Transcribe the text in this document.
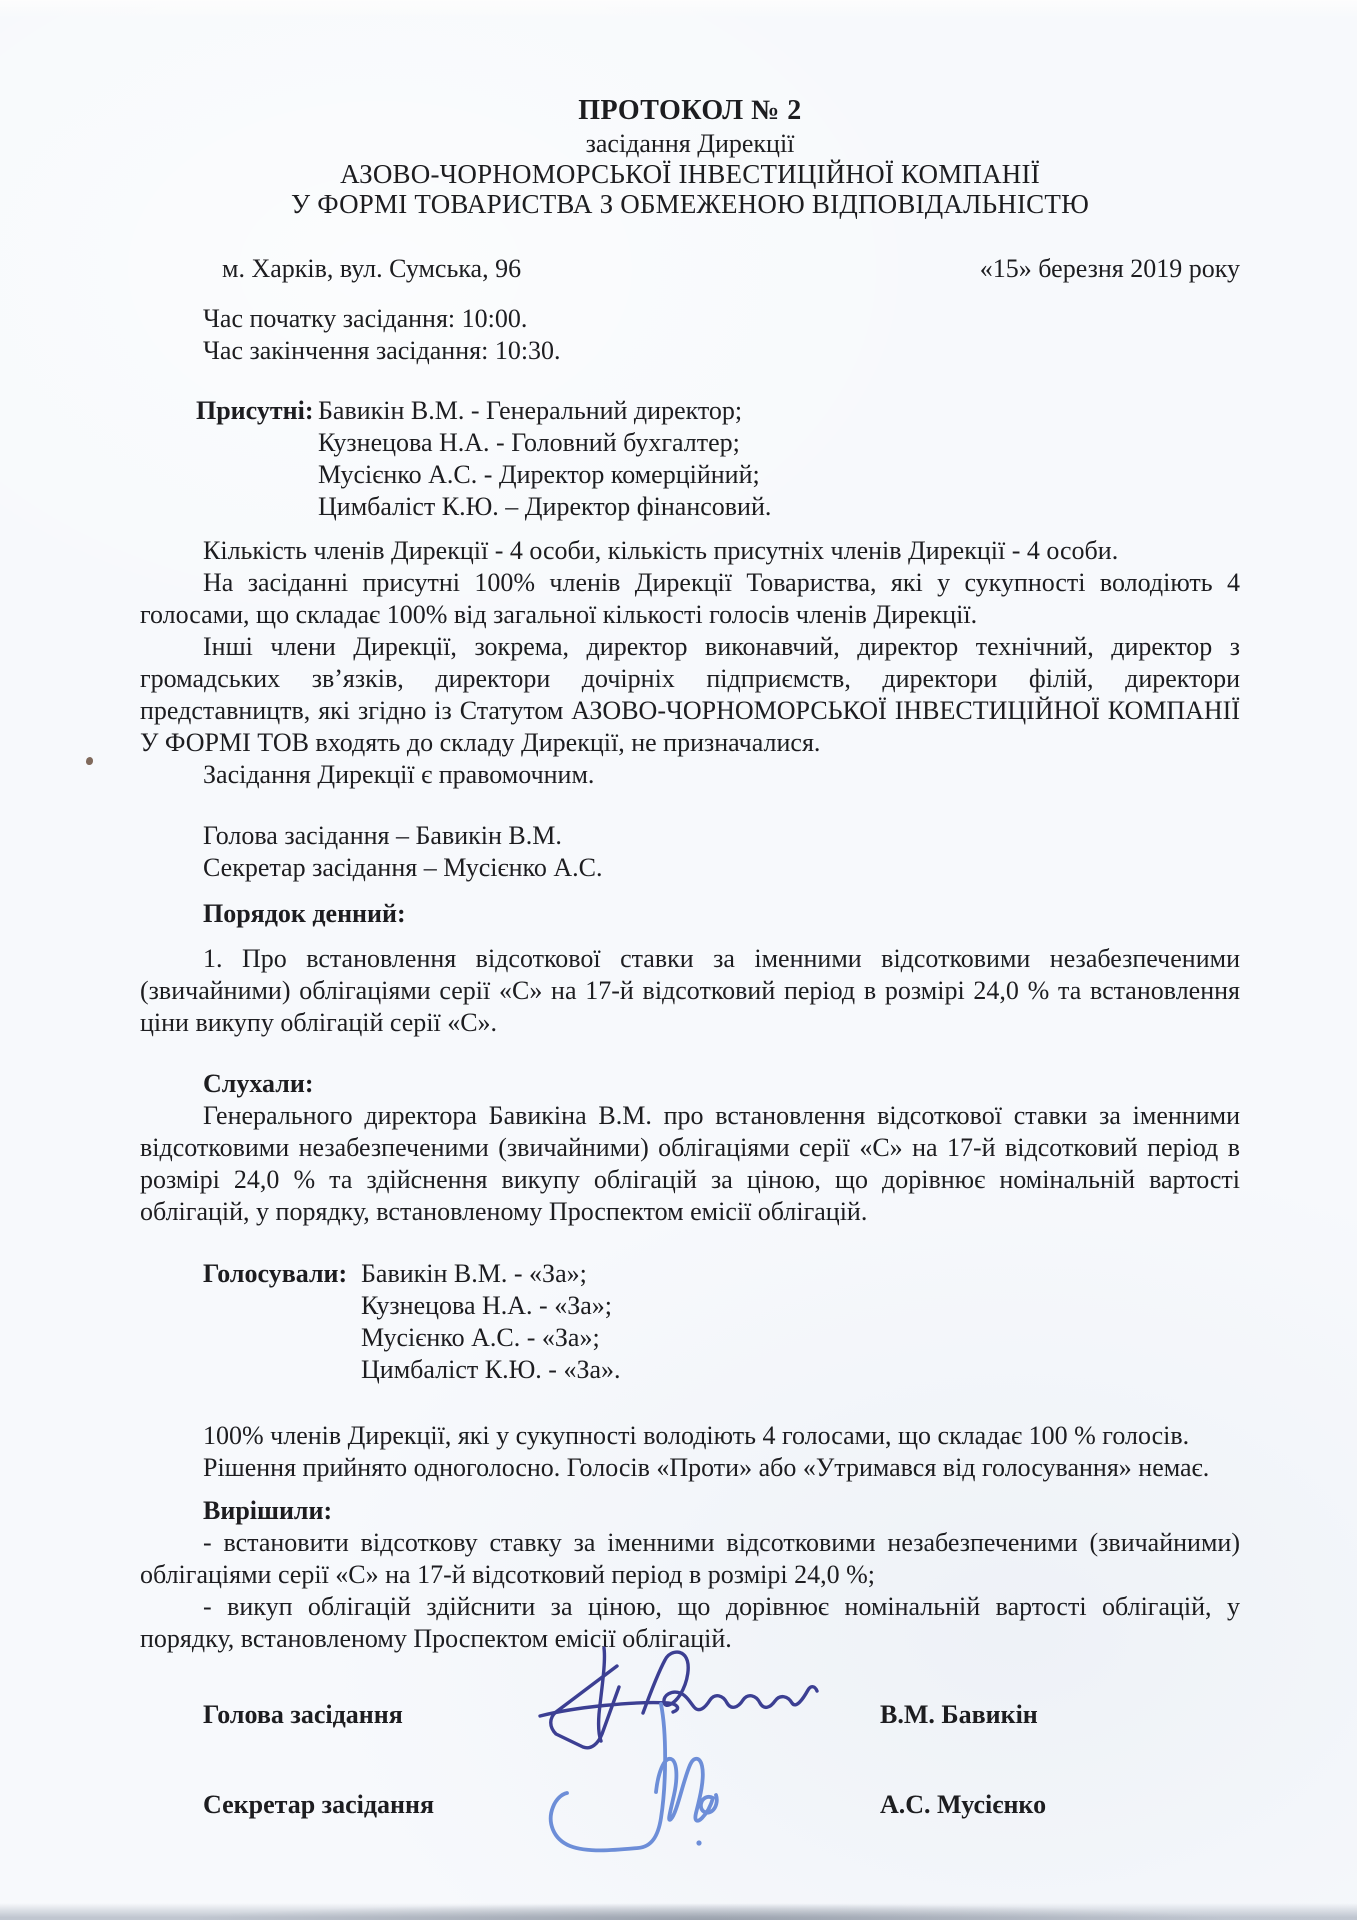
ПРОТОКОЛ № 2
засідання Дирекції
АЗОВО-ЧОРНОМОРСЬКОЇ ІНВЕСТИЦІЙНОЇ КОМПАНІЇ
У ФОРМІ ТОВАРИСТВА З ОБМЕЖЕНОЮ ВІДПОВІДАЛЬНІСТЮ
м. Харків, вул. Сумська, 96	«15» березня 2019 року
Час початку засідання: 10:00.
Час закінчення засідання: 10:30.
Присутні: Бавикін В.М. - Генеральний директор;
Кузнецова Н.А. - Головний бухгалтер;
Мусієнко А.С. - Директор комерційний;
Цимбаліст К.Ю. – Директор фінансовий.
Кількість членів Дирекції - 4 особи, кількість присутніх членів Дирекції - 4 особи.
На засіданні присутні 100% членів Дирекції Товариства, які у сукупності володіють 4 голосами, що складає 100% від загальної кількості голосів членів Дирекції.
Інші члени Дирекції, зокрема, директор виконавчий, директор технічний, директор з громадських зв’язків, директори дочірніх підприємств, директори філій, директори представництв, які згідно із Статутом АЗОВО-ЧОРНОМОРСЬКОЇ ІНВЕСТИЦІЙНОЇ КОМПАНІЇ У ФОРМІ ТОВ входять до складу Дирекції, не призначалися.
Засідання Дирекції є правомочним.
Голова засідання – Бавикін В.М.
Секретар засідання – Мусієнко А.С.
Порядок денний:
1. Про встановлення відсоткової ставки за іменними відсотковими незабезпеченими (звичайними) облігаціями серії «С» на 17-й відсотковий період в розмірі 24,0 % та встановлення ціни викупу облігацій серії «С».
Слухали:
Генерального директора Бавикіна В.М. про встановлення відсоткової ставки за іменними відсотковими незабезпеченими (звичайними) облігаціями серії «С» на 17-й відсотковий період в розмірі 24,0 % та здійснення викупу облігацій за ціною, що дорівнює номінальній вартості облігацій, у порядку, встановленому Проспектом емісії облігацій.
Голосували: Бавикін В.М. - «За»;
Кузнецова Н.А. - «За»;
Мусієнко А.С. - «За»;
Цимбаліст К.Ю. - «За».
100% членів Дирекції, які у сукупності володіють 4 голосами, що складає 100 % голосів.
Рішення прийнято одноголосно. Голосів «Проти» або «Утримався від голосування» немає.
Вирішили:
- встановити відсоткову ставку за іменними відсотковими незабезпеченими (звичайними) облігаціями серії «С» на 17-й відсотковий період в розмірі 24,0 %;
- викуп облігацій здійснити за ціною, що дорівнює номінальній вартості облігацій, у порядку, встановленому Проспектом емісії облігацій.
Голова засідання	В.М. Бавикін
Секретар засідання	А.С. Мусієнко
